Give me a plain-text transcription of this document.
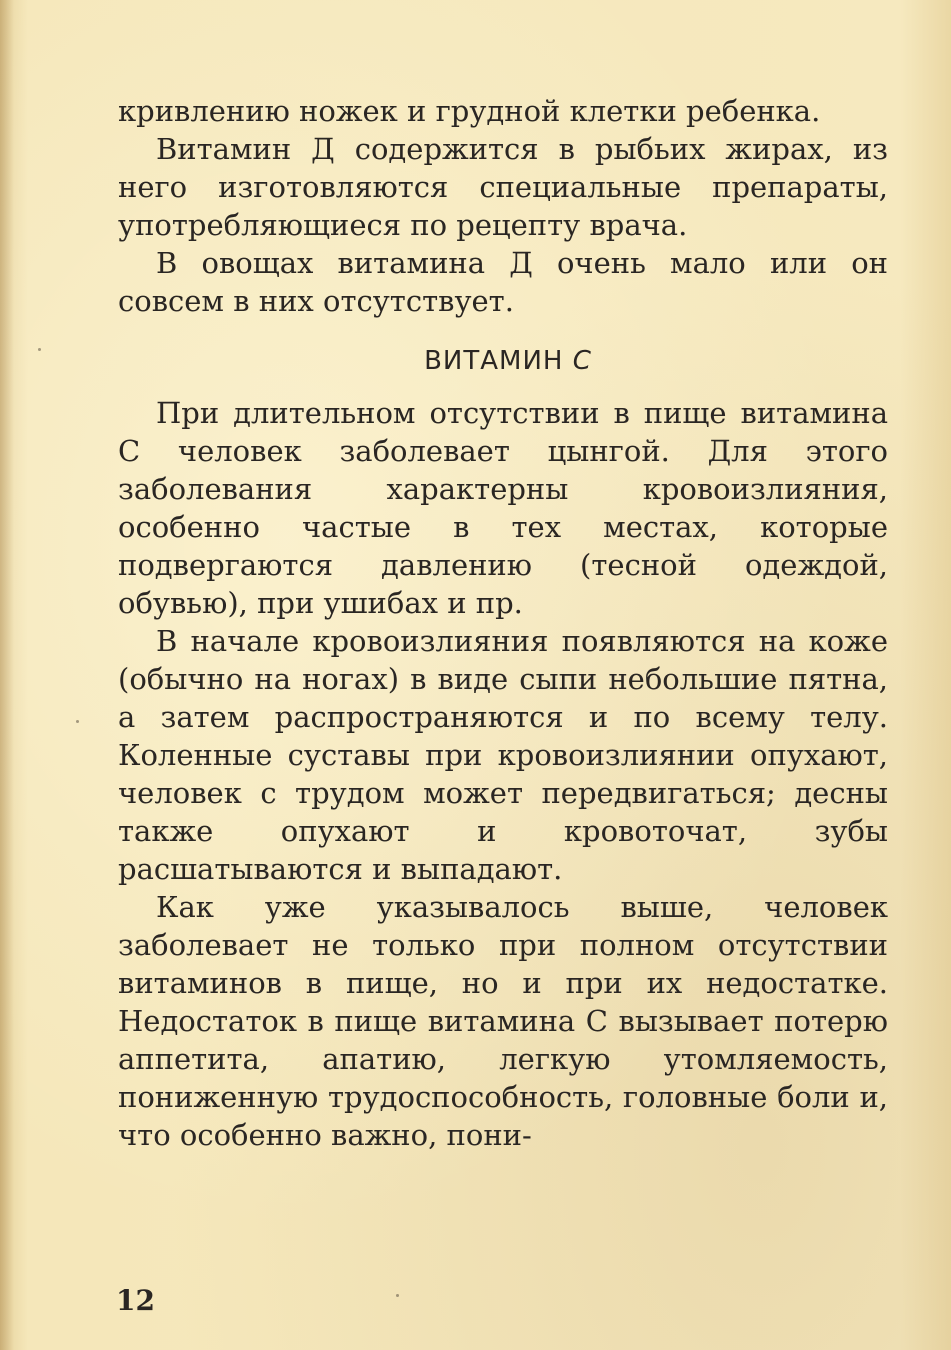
кривлению ножек и грудной клетки ребенка.

Витамин Д содержится в рыбьих жирах, из него изготовляются специальные препараты, употребляющиеся по рецепту врача.

В овощах витамина Д очень мало или он совсем в них отсутствует.

ВИТАМИН С

При длительном отсутствии в пище витамина С человек заболевает цынгой. Для этого заболевания характерны кровоизлияния, особенно частые в тех местах, которые подвергаются давлению (тесной одеждой, обувью), при ушибах и пр.

В начале кровоизлияния появляются на коже (обычно на ногах) в виде сыпи небольшие пятна, а затем распространяются и по всему телу. Коленные суставы при кровоизлиянии опухают, человек с трудом может передвигаться; десны также опухают и кровоточат, зубы расшатываются и выпадают.

Как уже указывалось выше, человек заболевает не только при полном отсутствии витаминов в пище, но и при их недостатке. Недостаток в пище витамина С вызывает потерю аппетита, апатию, легкую утомляемость, пониженную трудоспособность, головные боли и, что особенно важно, пони-

12
